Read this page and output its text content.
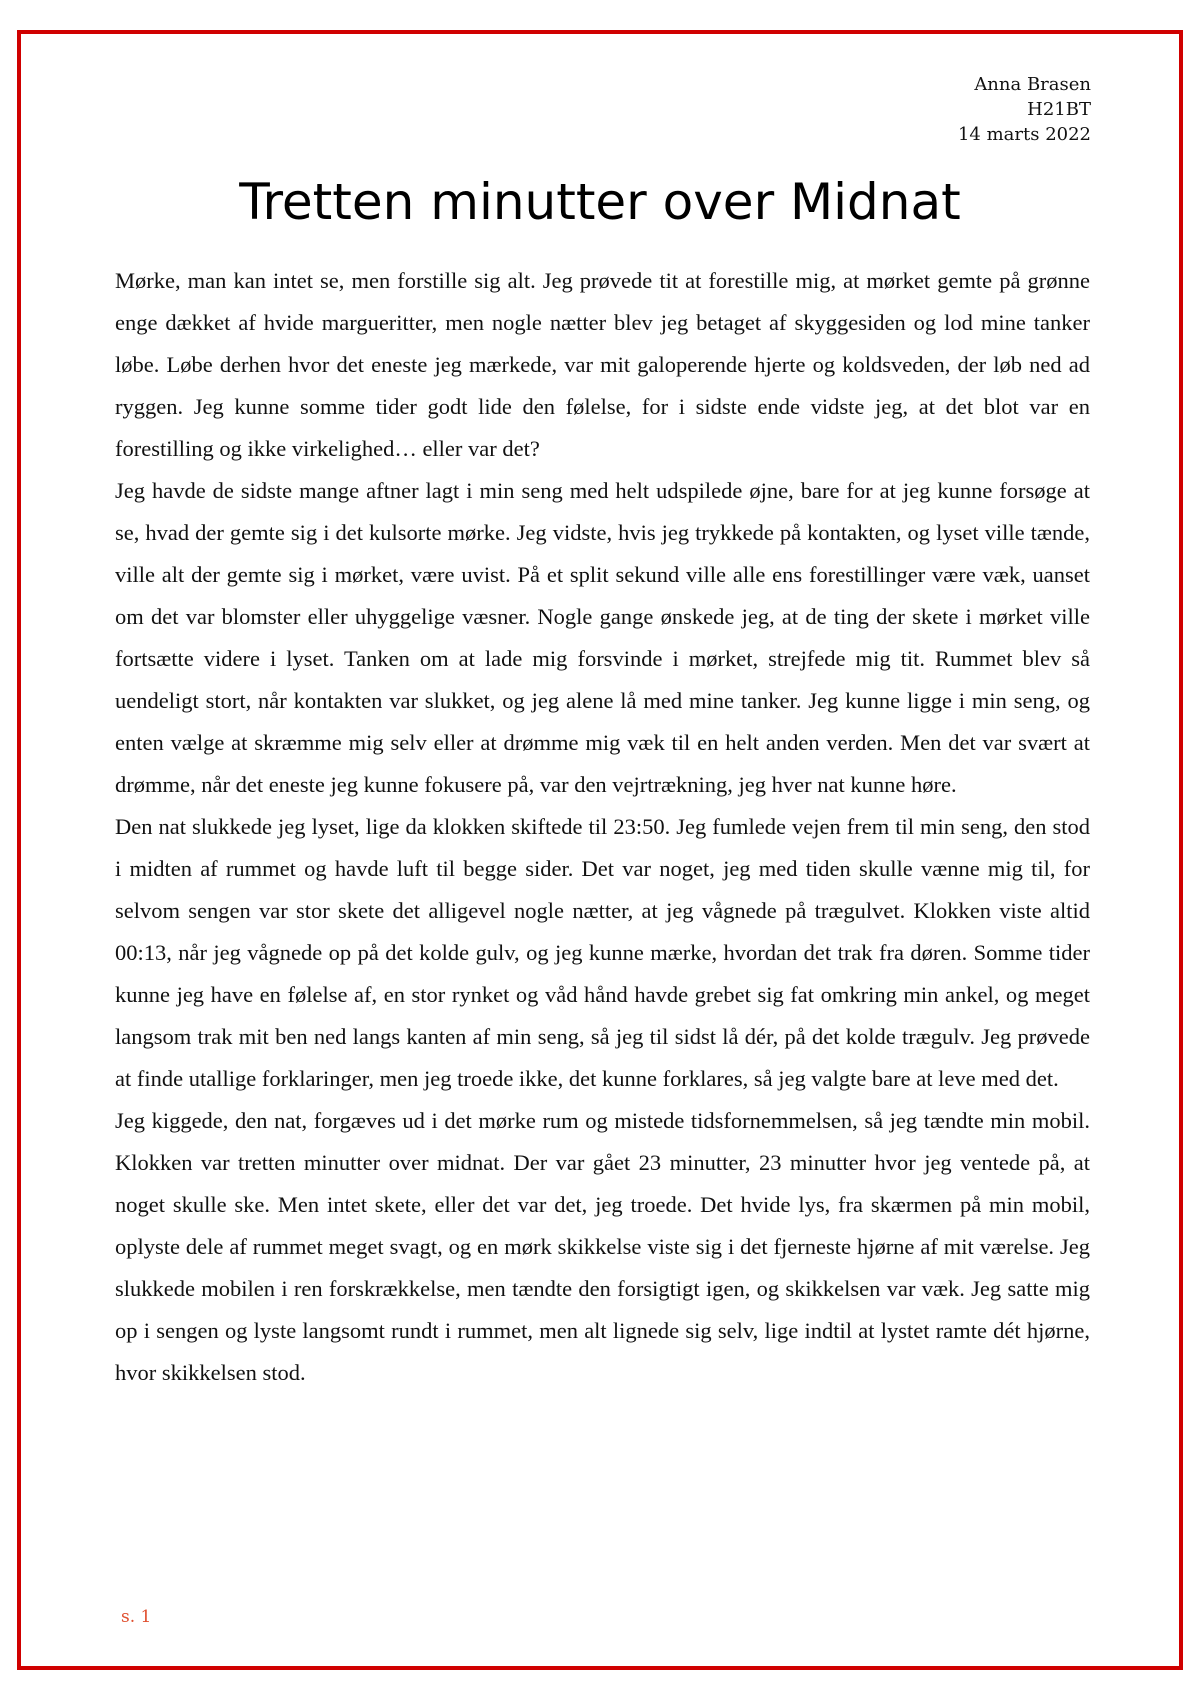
Anna Brasen
H21BT
14 marts 2022
Tretten minutter over Midnat

Mørke, man kan intet se, men forstille sig alt. Jeg prøvede tit at forestille mig, at mørket gemte på grønne enge dækket af hvide margueritter, men nogle nætter blev jeg betaget af skyggesiden og lod mine tanker løbe. Løbe derhen hvor det eneste jeg mærkede, var mit galoperende hjerte og koldsveden, der løb ned ad ryggen. Jeg kunne somme tider godt lide den følelse, for i sidste ende vidste jeg, at det blot var en forestilling og ikke virkelighed… eller var det?

Jeg havde de sidste mange aftner lagt i min seng med helt udspilede øjne, bare for at jeg kunne forsøge at se, hvad der gemte sig i det kulsorte mørke. Jeg vidste, hvis jeg trykkede på kontakten, og lyset ville tænde, ville alt der gemte sig i mørket, være uvist. På et split sekund ville alle ens forestillinger være væk, uanset om det var blomster eller uhyggelige væsner. Nogle gange ønskede jeg, at de ting der skete i mørket ville fortsætte videre i lyset. Tanken om at lade mig forsvinde i mørket, strejfede mig tit. Rummet blev så uendeligt stort, når kontakten var slukket, og jeg alene lå med mine tanker. Jeg kunne ligge i min seng, og enten vælge at skræmme mig selv eller at drømme mig væk til en helt anden verden. Men det var svært at drømme, når det eneste jeg kunne fokusere på, var den vejrtrækning, jeg hver nat kunne høre.

Den nat slukkede jeg lyset, lige da klokken skiftede til 23:50. Jeg fumlede vejen frem til min seng, den stod i midten af rummet og havde luft til begge sider. Det var noget, jeg med tiden skulle vænne mig til, for selvom sengen var stor skete det alligevel nogle nætter, at jeg vågnede på trægulvet. Klokken viste altid 00:13, når jeg vågnede op på det kolde gulv, og jeg kunne mærke, hvordan det trak fra døren. Somme tider kunne jeg have en følelse af, en stor rynket og våd hånd havde grebet sig fat omkring min ankel, og meget langsom trak mit ben ned langs kanten af min seng, så jeg til sidst lå dér, på det kolde trægulv. Jeg prøvede at finde utallige forklaringer, men jeg troede ikke, det kunne forklares, så jeg valgte bare at leve med det.

Jeg kiggede, den nat, forgæves ud i det mørke rum og mistede tidsfornemmelsen, så jeg tændte min mobil. Klokken var tretten minutter over midnat. Der var gået 23 minutter, 23 minutter hvor jeg ventede på, at noget skulle ske. Men intet skete, eller det var det, jeg troede. Det hvide lys, fra skærmen på min mobil, oplyste dele af rummet meget svagt, og en mørk skikkelse viste sig i det fjerneste hjørne af mit værelse. Jeg slukkede mobilen i ren forskrækkelse, men tændte den forsigtigt igen, og skikkelsen var væk. Jeg satte mig op i sengen og lyste langsomt rundt i rummet, men alt lignede sig selv, lige indtil at lystet ramte dét hjørne, hvor skikkelsen stod.

s. 1
